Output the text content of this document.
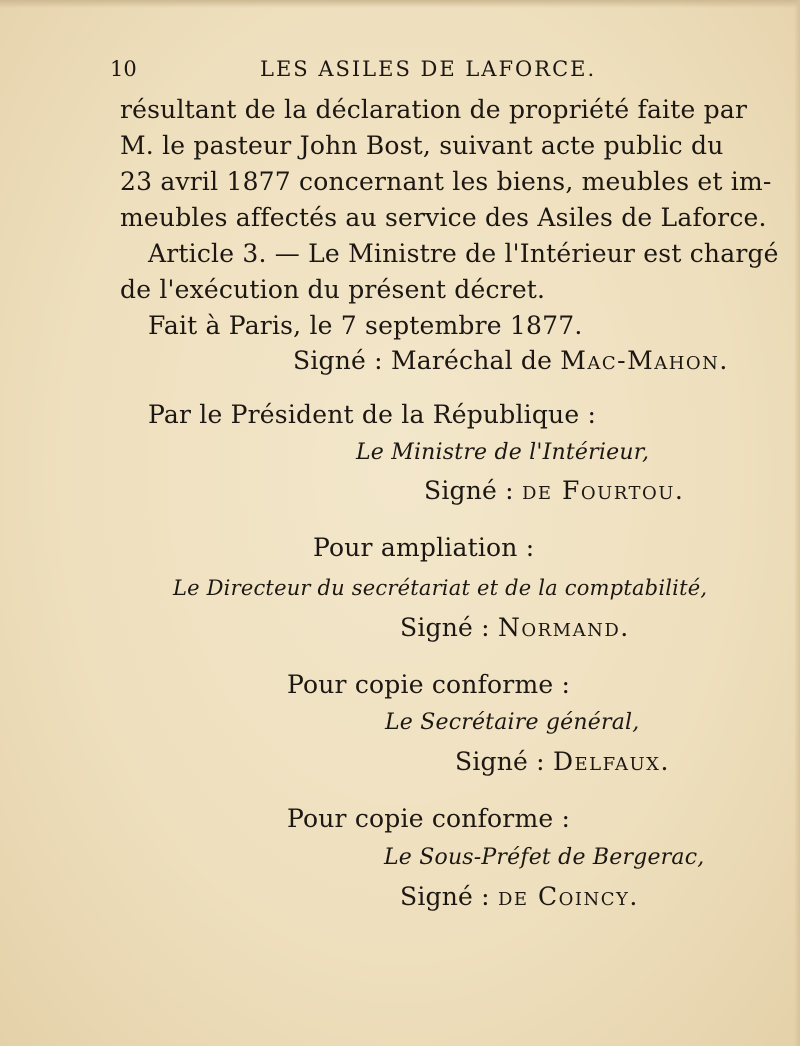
10	LES ASILES DE LAFORCE.
résultant de la déclaration de propriété faite par
M. le pasteur John Bost, suivant acte public du
23 avril 1877 concernant les biens, meubles et im-
meubles affectés au service des Asiles de Laforce.
Article 3. — Le Ministre de l'Intérieur est chargé
de l'exécution du présent décret.
Fait à Paris, le 7 septembre 1877.
Signé : Maréchal de Mac-Mahon.
Par le Président de la République :
Le Ministre de l'Intérieur,
Signé : de Fourtou.
Pour ampliation :
Le Directeur du secrétariat et de la comptabilité,
Signé : Normand.
Pour copie conforme :
Le Secrétaire général,
Signé : Delfaux.
Pour copie conforme :
Le Sous-Préfet de Bergerac,
Signé : de Coincy.
